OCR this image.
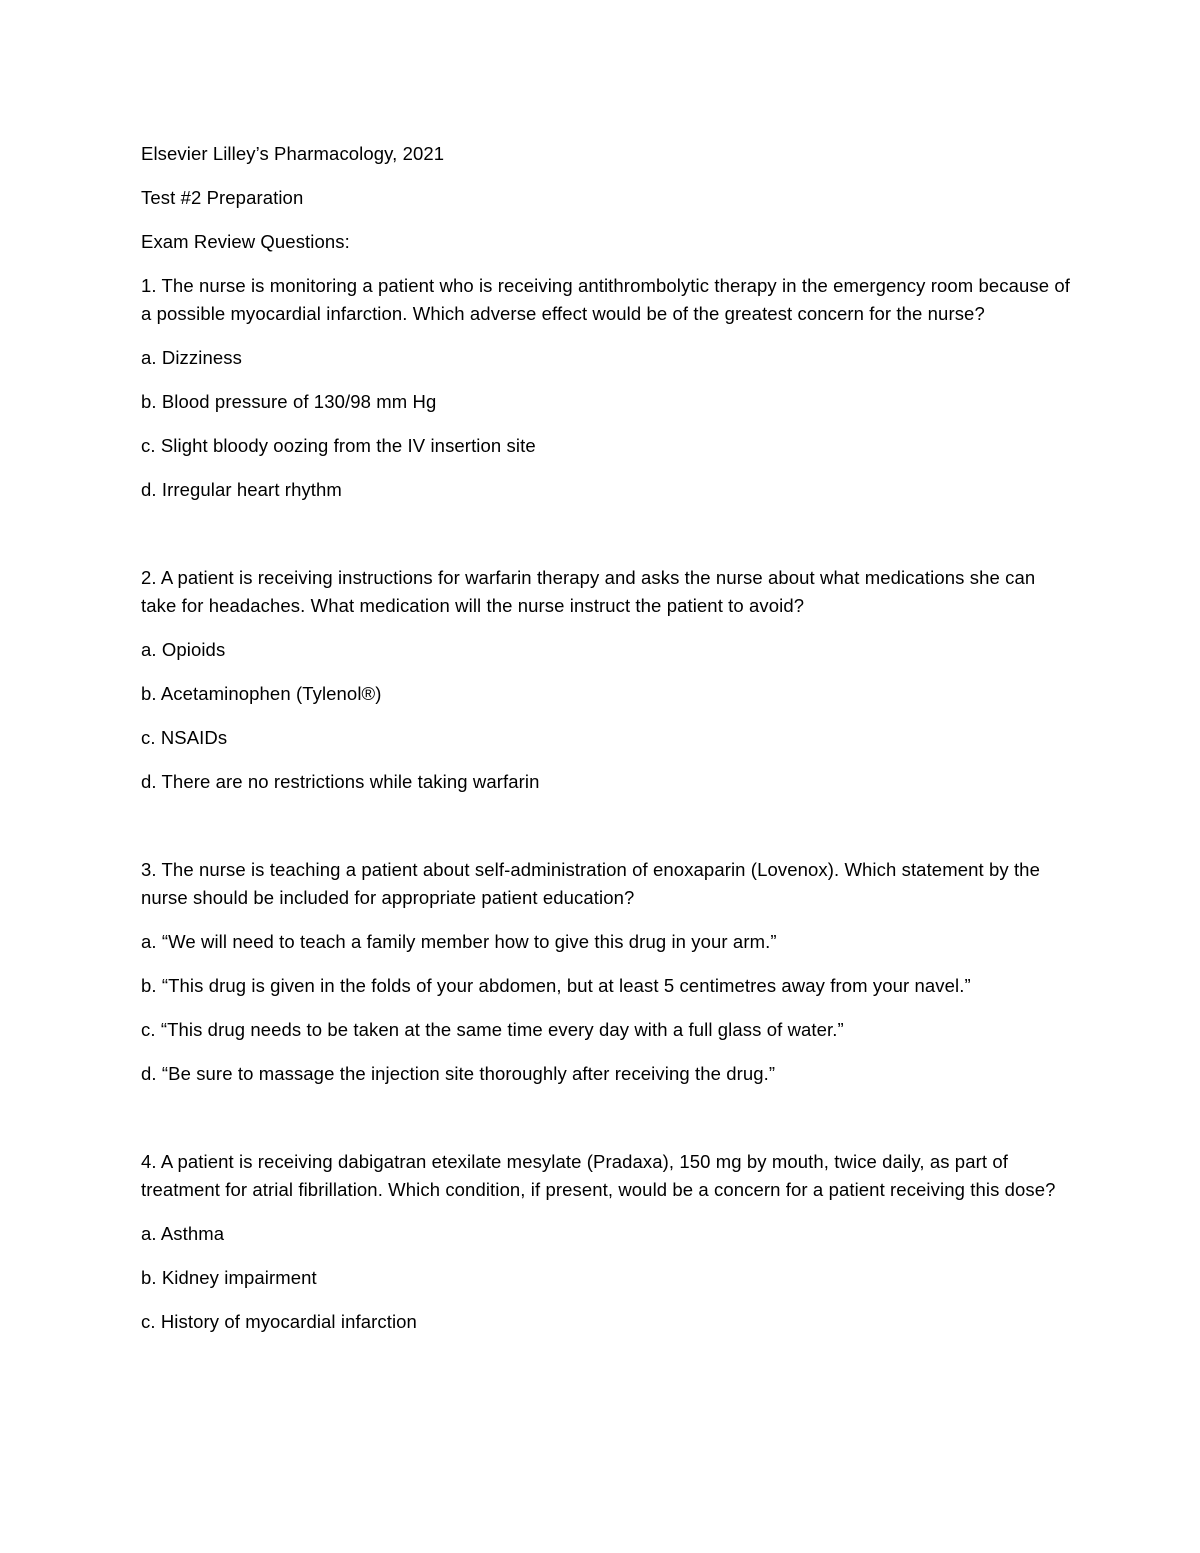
Elsevier Lilley’s Pharmacology, 2021
Test #2 Preparation
Exam Review Questions:
1. The nurse is monitoring a patient who is receiving antithrombolytic therapy in the emergency room because of a possible myocardial infarction. Which adverse effect would be of the greatest concern for the nurse?
a. Dizziness
b. Blood pressure of 130/98 mm Hg
c. Slight bloody oozing from the IV insertion site
d. Irregular heart rhythm
2. A patient is receiving instructions for warfarin therapy and asks the nurse about what medications she can take for headaches. What medication will the nurse instruct the patient to avoid?
a. Opioids
b. Acetaminophen (Tylenol®)
c. NSAIDs
d. There are no restrictions while taking warfarin
3. The nurse is teaching a patient about self-administration of enoxaparin (Lovenox). Which statement by the nurse should be included for appropriate patient education?
a. “We will need to teach a family member how to give this drug in your arm.”
b. “This drug is given in the folds of your abdomen, but at least 5 centimetres away from your navel.”
c. “This drug needs to be taken at the same time every day with a full glass of water.”
d. “Be sure to massage the injection site thoroughly after receiving the drug.”
4. A patient is receiving dabigatran etexilate mesylate (Pradaxa), 150 mg by mouth, twice daily, as part of treatment for atrial fibrillation. Which condition, if present, would be a concern for a patient receiving this dose?
a. Asthma
b. Kidney impairment
c. History of myocardial infarction
